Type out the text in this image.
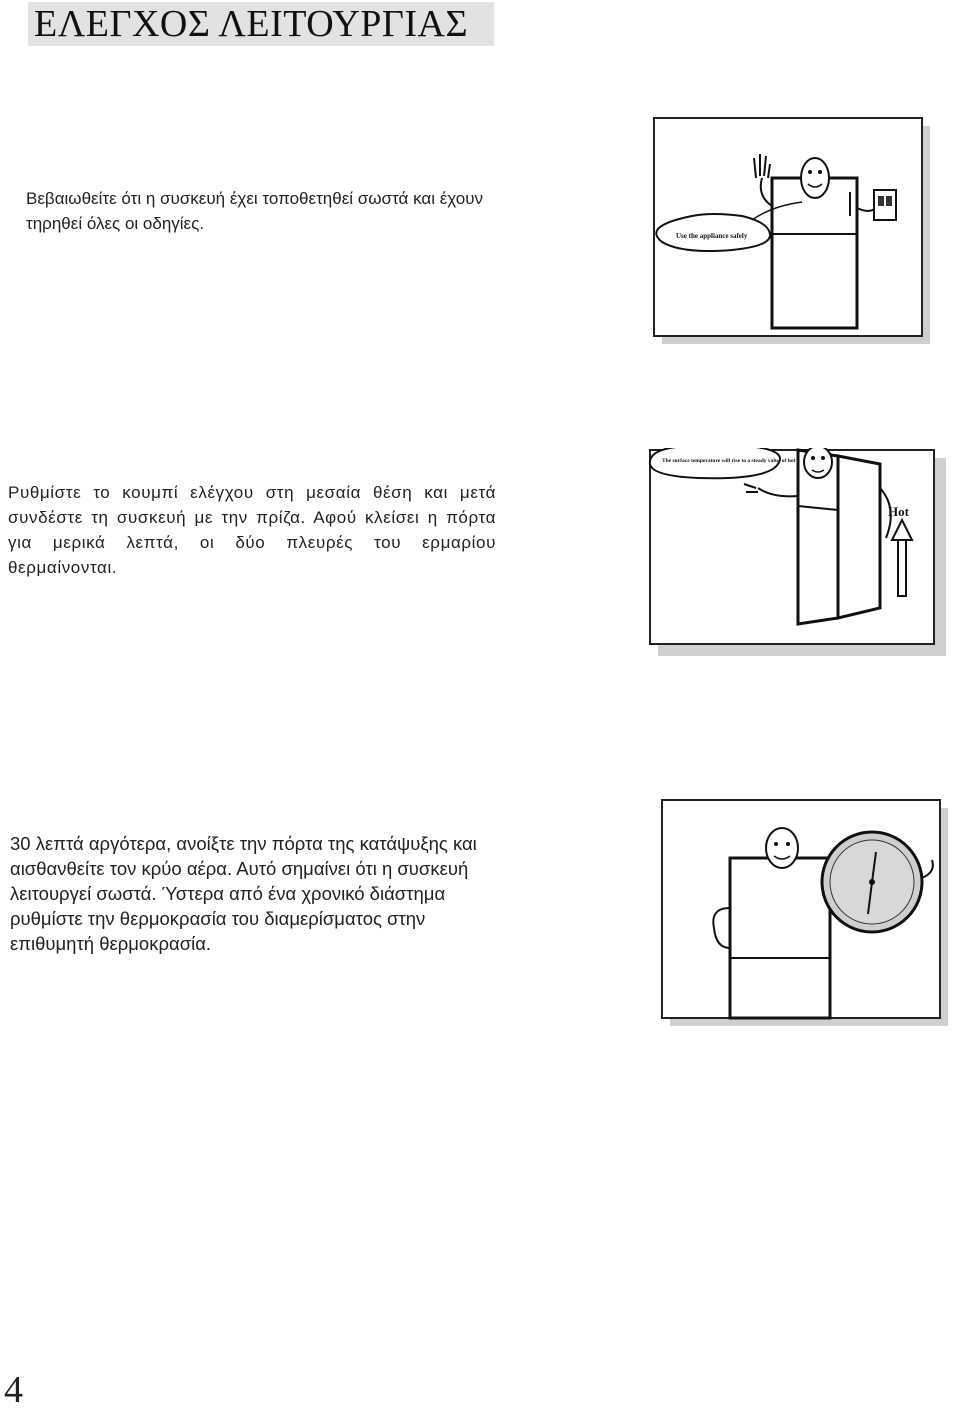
ΕΛΕΓΧΟΣ ΛΕΙΤΟΥΡΓΙΑΣ
Βεβαιωθείτε ότι η συσκευή έχει τοποθετηθεί σωστά και έχουν τηρηθεί όλες οι οδηγίες.
Use the appliance safely
Ρυθμίστε το κουμπί ελέγχου στη μεσαία θέση και μετά συνδέστε τη συσκευή με την πρίζα. Αφού κλείσει η πόρτα για μερικά λεπτά, οι δύο πλευρές του ερμαρίου θερμαίνονται.
Hot
The surface temperature will rise to a steady value of hot
30 λεπτά αργότερα, ανοίξτε την πόρτα της κατάψυξης και αισθανθείτε τον κρύο αέρα. Αυτό σημαίνει ότι η συσκευή λειτουργεί σωστά. Ύστερα από ένα χρονικό διάστημα ρυθμίστε την θερμοκρασία του διαμερίσματος στην επιθυμητή θερμοκρασία.
4
